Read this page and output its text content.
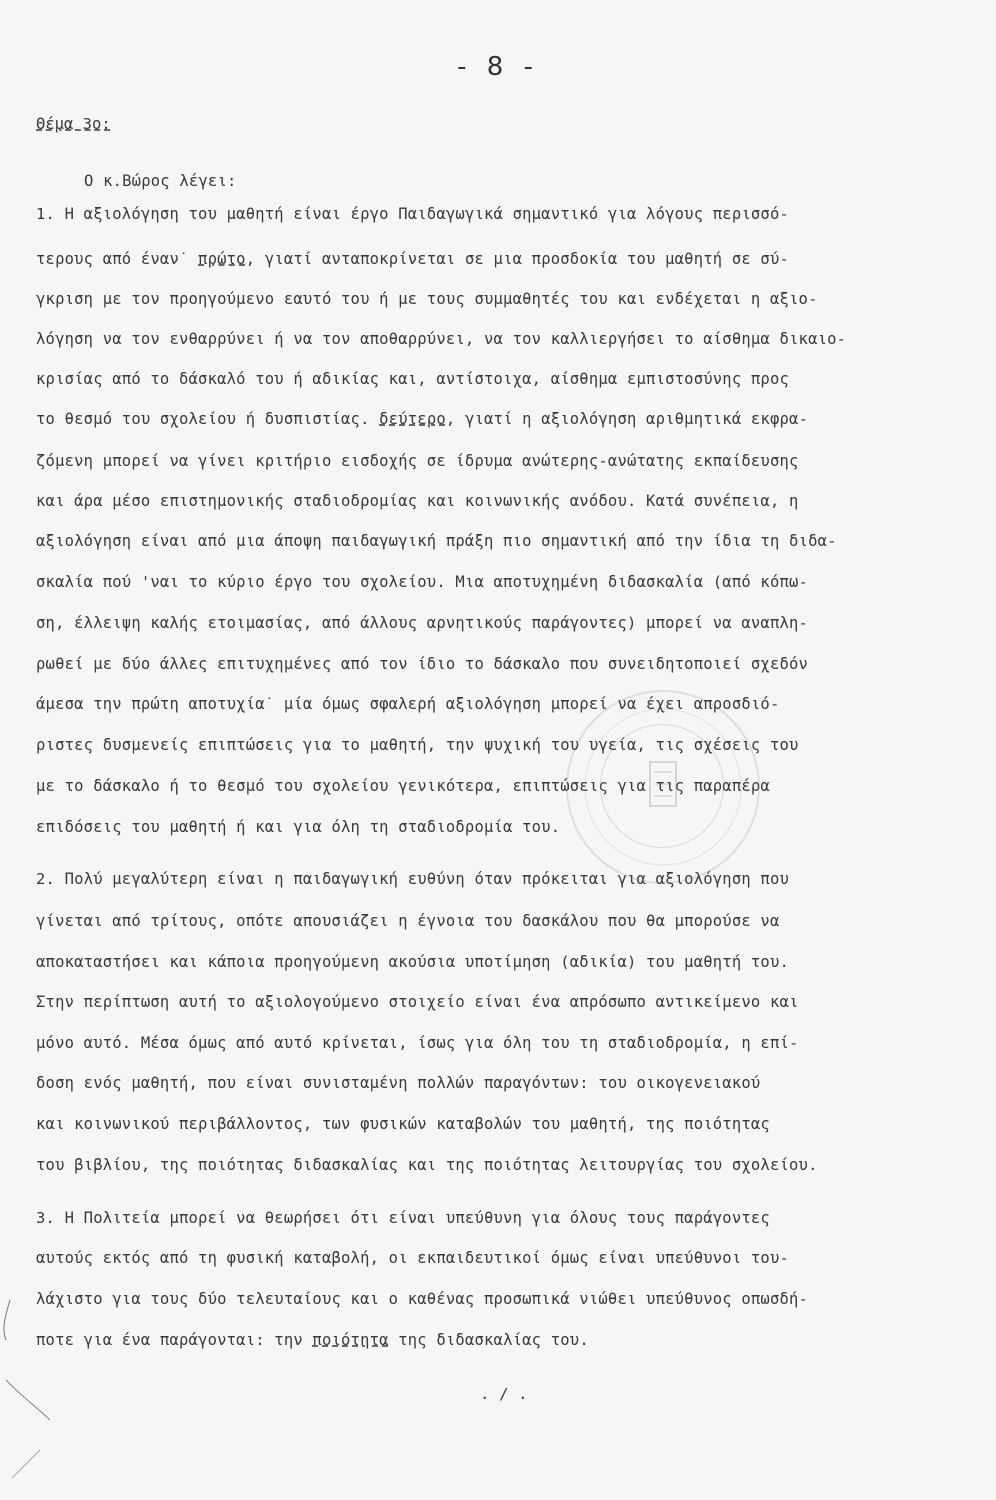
- 8 -
Θέμα 3ο:
Ο κ.Βώρος λέγει:
1. Η αξιολόγηση του μαθητή είναι έργο Παιδαγωγικά σημαντικό για λόγους περισσό-
τερους από έναν˙ πρώτο, γιατί ανταποκρίνεται σε μια προσδοκία του μαθητή σε σύ-
γκριση με τον προηγούμενο εαυτό του ή με τους συμμαθητές του και ενδέχεται η αξιο-
λόγηση να τον ενθαρρύνει ή να τον αποθαρρύνει, να τον καλλιεργήσει το αίσθημα δικαιο-
κρισίας από το δάσκαλό του ή αδικίας και, αντίστοιχα, αίσθημα εμπιστοσύνης προς
το θεσμό του σχολείου ή δυσπιστίας. δεύτερο, γιατί η αξιολόγηση αριθμητικά εκφρα-
ζόμενη μπορεί να γίνει κριτήριο εισδοχής σε ίδρυμα ανώτερης-ανώτατης εκπαίδευσης
και άρα μέσο επιστημονικής σταδιοδρομίας και κοινωνικής ανόδου. Κατά συνέπεια, η
αξιολόγηση είναι από μια άποψη παιδαγωγική πράξη πιο σημαντική από την ίδια τη διδα-
σκαλία πού 'ναι το κύριο έργο του σχολείου. Μια αποτυχημένη διδασκαλία (από κόπω-
ση, έλλειψη καλής ετοιμασίας, από άλλους αρνητικούς παράγοντες) μπορεί να αναπλη-
ρωθεί με δύο άλλες επιτυχημένες από τον ίδιο το δάσκαλο που συνειδητοποιεί σχεδόν
άμεσα την πρώτη αποτυχία˙ μία όμως σφαλερή αξιολόγηση μπορεί να έχει απροσδιό-
ριστες δυσμενείς επιπτώσεις για το μαθητή, την ψυχική του υγεία, τις σχέσεις του
με το δάσκαλο ή το θεσμό του σχολείου γενικότερα, επιπτώσεις για τις παραπέρα
επιδόσεις του μαθητή ή και για όλη τη σταδιοδρομία του.
2. Πολύ μεγαλύτερη είναι η παιδαγωγική ευθύνη όταν πρόκειται για αξιολόγηση που
γίνεται από τρίτους, οπότε απουσιάζει η έγνοια του δασκάλου που θα μπορούσε να
αποκαταστήσει και κάποια προηγούμενη ακούσια υποτίμηση (αδικία) του μαθητή του.
Στην περίπτωση αυτή το αξιολογούμενο στοιχείο είναι ένα απρόσωπο αντικείμενο και
μόνο αυτό. Μέσα όμως από αυτό κρίνεται, ίσως για όλη του τη σταδιοδρομία, η επί-
δοση ενός μαθητή, που είναι συνισταμένη πολλών παραγόντων: του οικογενειακού
και κοινωνικού περιβάλλοντος, των φυσικών καταβολών του μαθητή, της ποιότητας
του βιβλίου, της ποιότητας διδασκαλίας και της ποιότητας λειτουργίας του σχολείου.
3. Η Πολιτεία μπορεί να θεωρήσει ότι είναι υπεύθυνη για όλους τους παράγοντες
αυτούς εκτός από τη φυσική καταβολή, οι εκπαιδευτικοί όμως είναι υπεύθυνοι του-
λάχιστο για τους δύο τελευταίους και ο καθένας προσωπικά νιώθει υπεύθυνος οπωσδή-
ποτε για ένα παράγονται: την ποιότητα της διδασκαλίας του.
. / .
